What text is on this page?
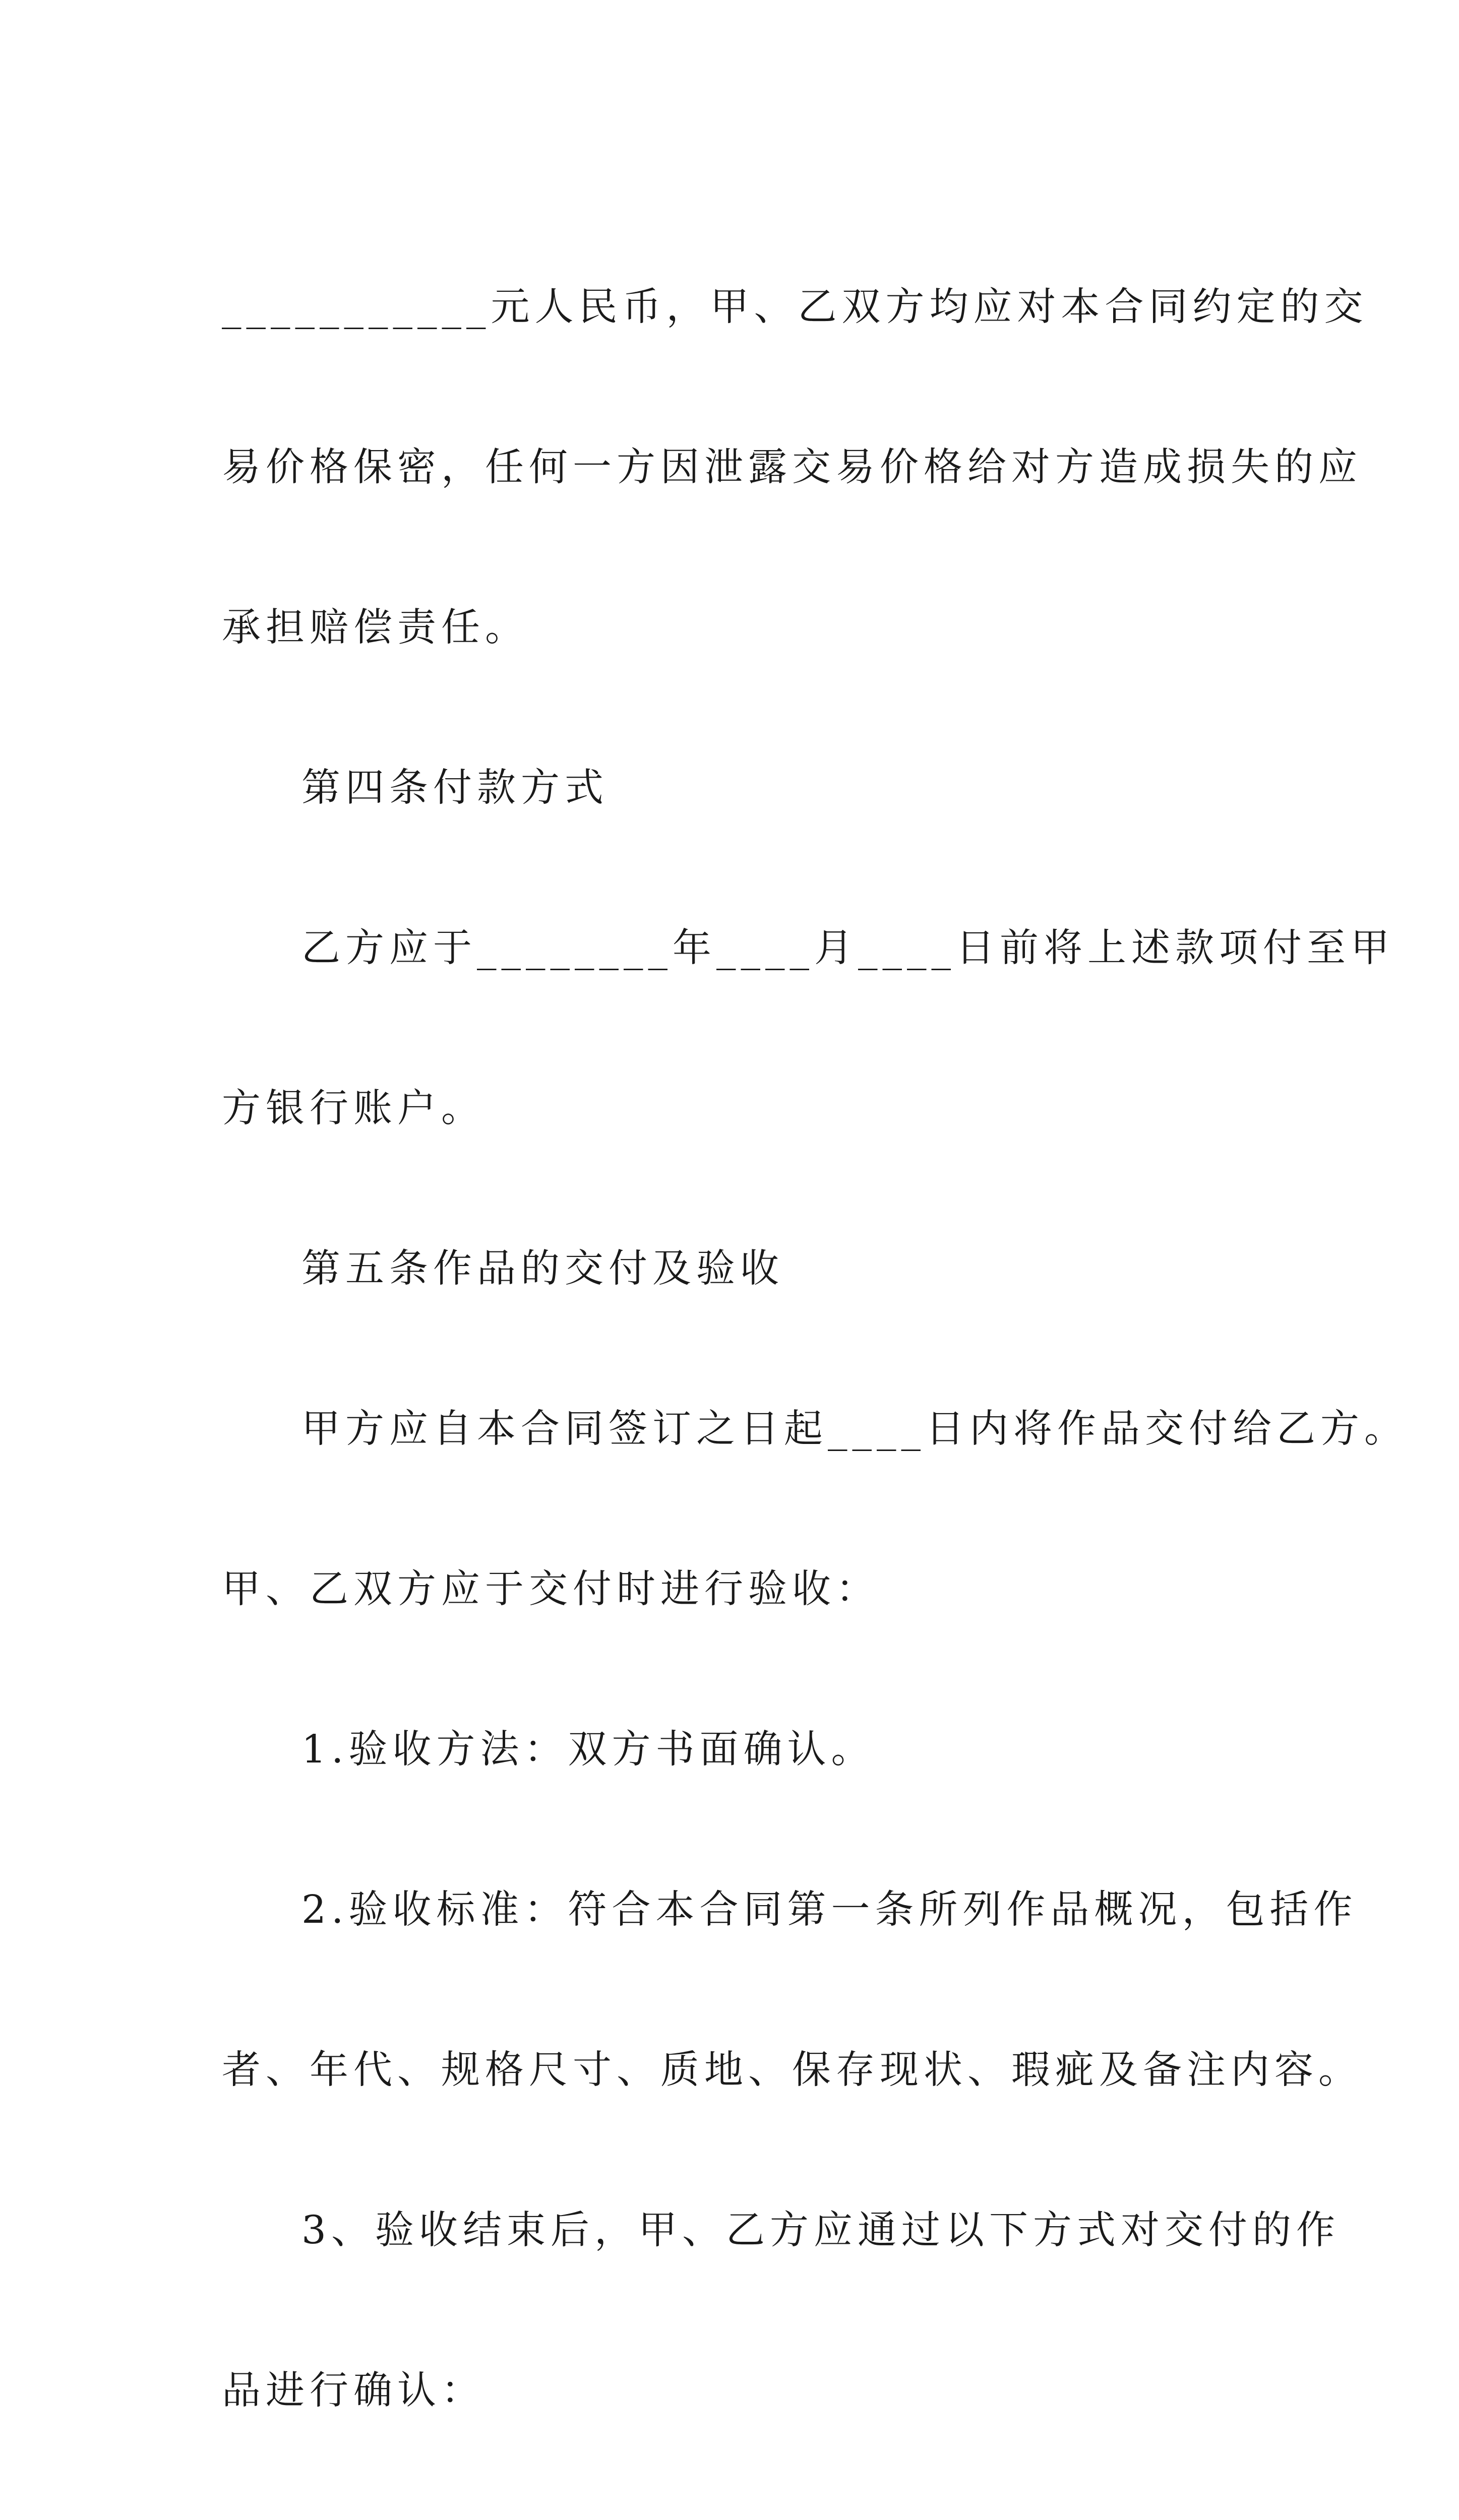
___________元人民币，甲、乙双方均应对本合同约定的交

易价格保密，任何一方因泄露交易价格给对方造成损失的应

承担赔偿责任。

第四条付款方式

乙方应于________年____月____日前将上述款项付至甲

方银行账户。

第五条作品的交付及验收

甲方应自本合同签订之日起____日内将作品交付给乙方。

甲、乙双方应于交付时进行验收：

1.验收方法：双方书面确认。

2.验收标准：符合本合同第一条所列作品概况，包括作

者、年代、规格尺寸、质地、保存现状、瑕疵及备注内容。

3、验收结束后，甲、乙方应通过以下方式对交付的作

品进行确认：
